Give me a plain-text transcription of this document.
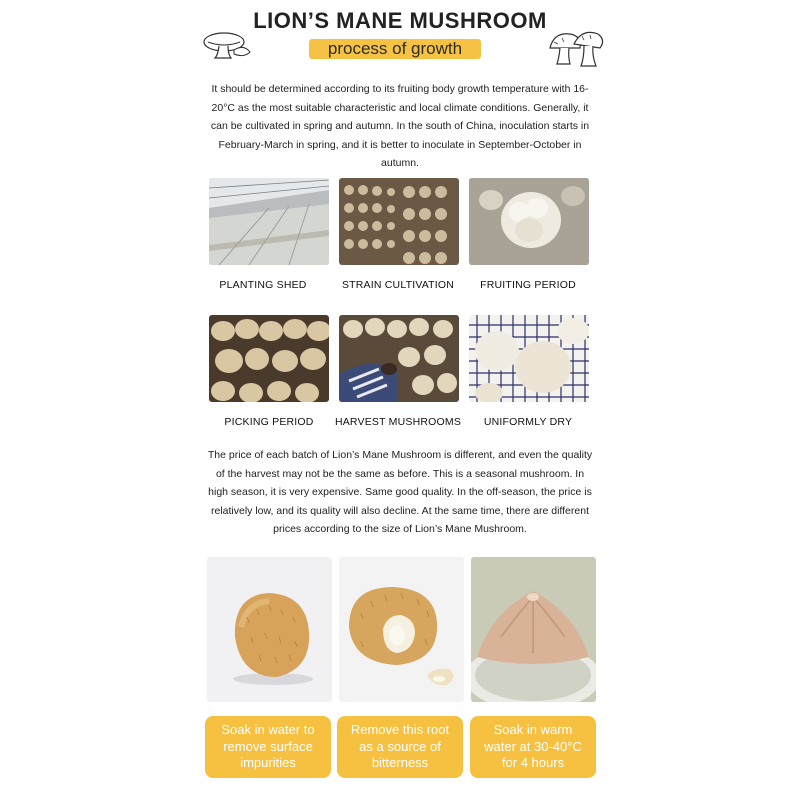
LION’S MANE MUSHROOM
process of growth
It should be determined according to its fruiting body growth temperature with 16-20°C as the most suitable characteristic and local climate conditions. Generally, it can be cultivated in spring and autumn. In the south of China, inoculation starts in February-March in spring, and it is better to inoculate in September-October in autumn.
PLANTING SHED	STRAIN CULTIVATION	FRUITING PERIOD
PICKING PERIOD	HARVEST MUSHROOMS	UNIFORMLY DRY
The price of each batch of Lion’s Mane Mushroom is different, and even the quality of the harvest may not be the same as before. This is a seasonal mushroom. In high season, it is very expensive. Same good quality. In the off-season, the price is relatively low, and its quality will also decline. At the same time, there are different prices according to the size of Lion’s Mane Mushroom.
Soak in water to remove surface impurities
Remove this root as a source of bitterness
Soak in warm water at 30-40°C for 4 hours
